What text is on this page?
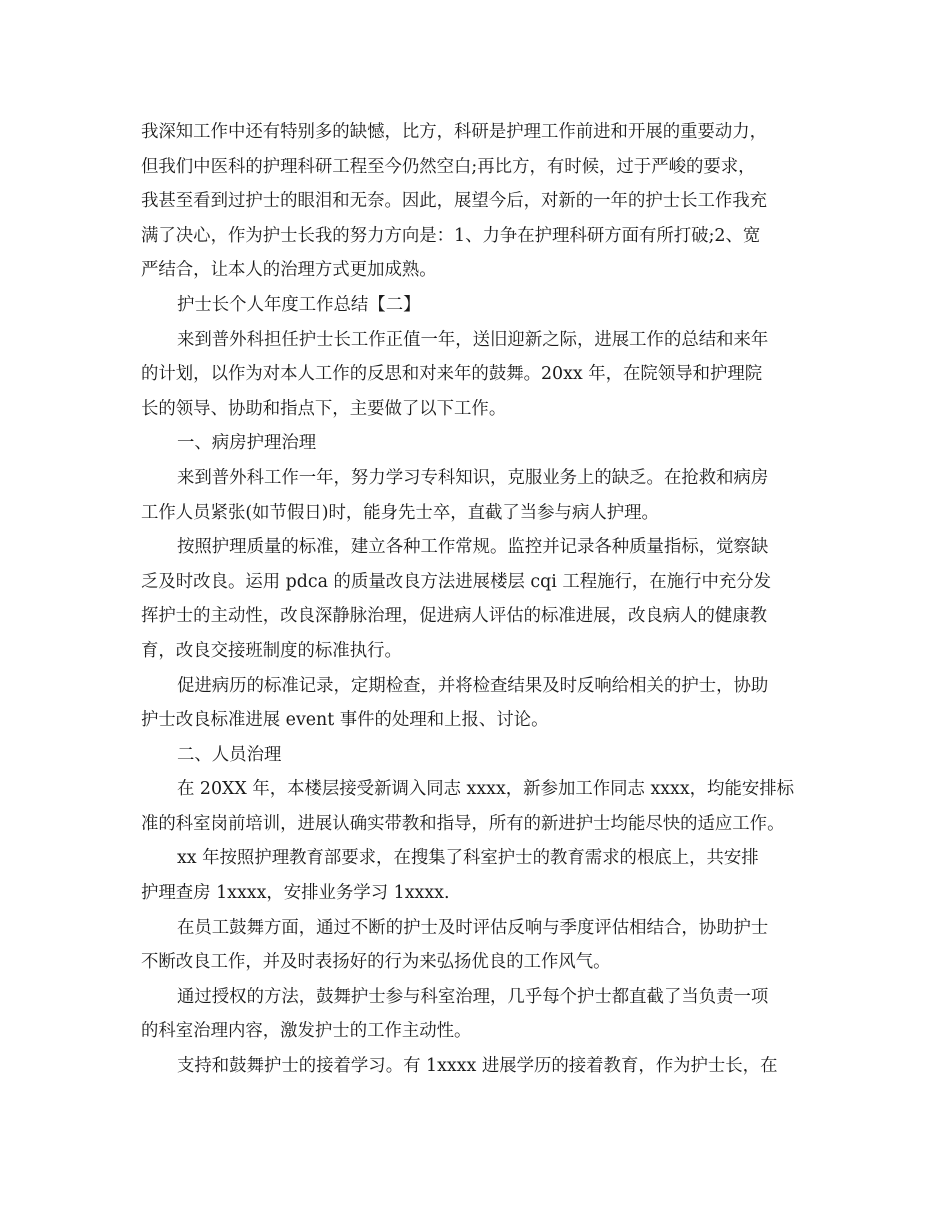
我深知工作中还有特别多的缺憾，比方，科研是护理工作前进和开展的重要动力，
但我们中医科的护理科研工程至今仍然空白;再比方，有时候，过于严峻的要求，
我甚至看到过护士的眼泪和无奈。因此，展望今后，对新的一年的护士长工作我充
满了决心，作为护士长我的努力方向是：1、力争在护理科研方面有所打破;2、宽
严结合，让本人的治理方式更加成熟。
护士长个人年度工作总结【二】
来到普外科担任护士长工作正值一年，送旧迎新之际，进展工作的总结和来年
的计划，以作为对本人工作的反思和对来年的鼓舞。20xx 年，在院领导和护理院
长的领导、协助和指点下，主要做了以下工作。
一、病房护理治理
来到普外科工作一年，努力学习专科知识，克服业务上的缺乏。在抢救和病房
工作人员紧张(如节假日)时，能身先士卒，直截了当参与病人护理。
按照护理质量的标准，建立各种工作常规。监控并记录各种质量指标，觉察缺
乏及时改良。运用 pdca 的质量改良方法进展楼层 cqi 工程施行，在施行中充分发
挥护士的主动性，改良深静脉治理，促进病人评估的标准进展，改良病人的健康教
育，改良交接班制度的标准执行。
促进病历的标准记录，定期检查，并将检查结果及时反响给相关的护士，协助
护士改良标准进展 event 事件的处理和上报、讨论。
二、人员治理
在 20XX 年，本楼层接受新调入同志 xxxx，新参加工作同志 xxxx，均能安排标
准的科室岗前培训，进展认确实带教和指导，所有的新进护士均能尽快的适应工作。
xx 年按照护理教育部要求，在搜集了科室护士的教育需求的根底上，共安排
护理查房 1xxxx，安排业务学习 1xxxx.
在员工鼓舞方面，通过不断的护士及时评估反响与季度评估相结合，协助护士
不断改良工作，并及时表扬好的行为来弘扬优良的工作风气。
通过授权的方法，鼓舞护士参与科室治理，几乎每个护士都直截了当负责一项
的科室治理内容，激发护士的工作主动性。
支持和鼓舞护士的接着学习。有 1xxxx 进展学历的接着教育，作为护士长，在
